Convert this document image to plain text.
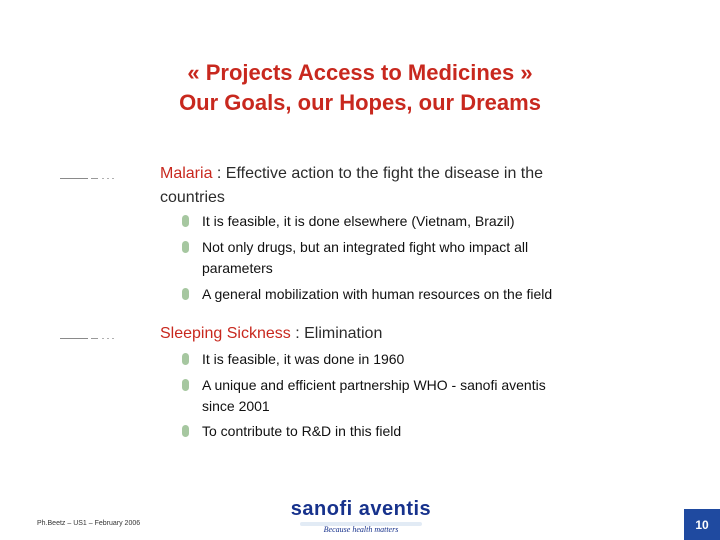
« Projects Access to Medicines »
Our Goals, our Hopes, our Dreams
Malaria : Effective action to the fight the disease in the
countries
It is feasible, it is done elsewhere (Vietnam, Brazil)
Not only drugs, but an integrated fight who impact all
parameters
A general mobilization with human resources on the field
Sleeping Sickness : Elimination
It is feasible, it was done in 1960
A unique and efficient partnership WHO - sanofi aventis
since 2001
To contribute to R&D in this field
Ph.Beetz – US1 – February 2006
sanofi aventis
Because health matters	10
